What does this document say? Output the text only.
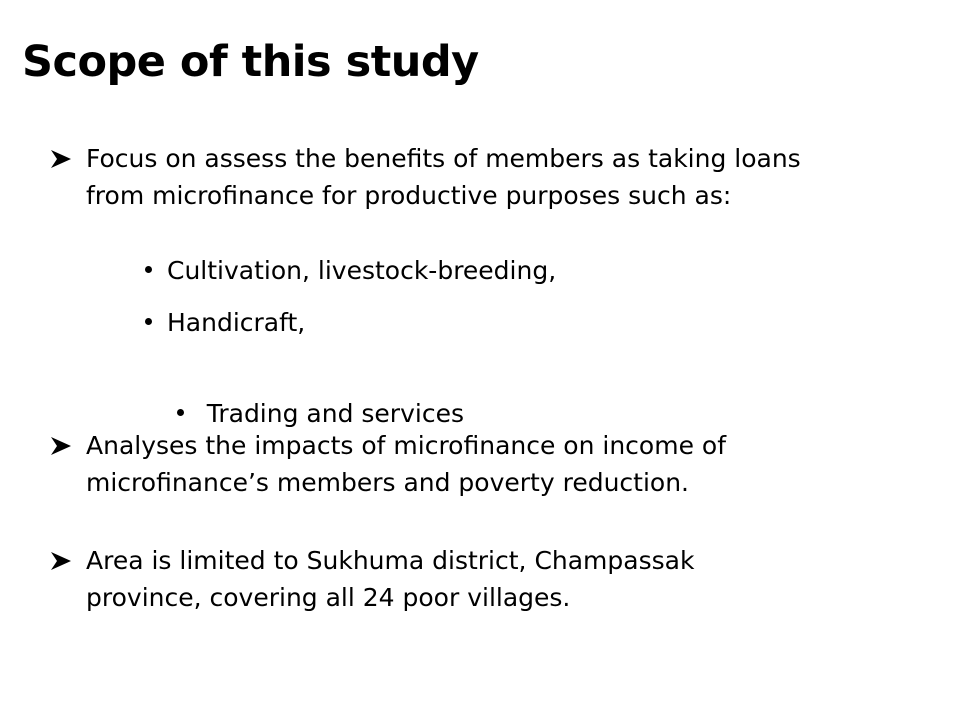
Scope of this study
Focus on assess the benefits of members as taking loans
from microfinance for productive purposes such as:
Cultivation, livestock-breeding,
Handicraft,

Trading and services

Analyses the impacts of microfinance on income of
microfinance’s members and poverty reduction.
Area is limited to Sukhuma district, Champassak
province, covering all 24 poor villages.
